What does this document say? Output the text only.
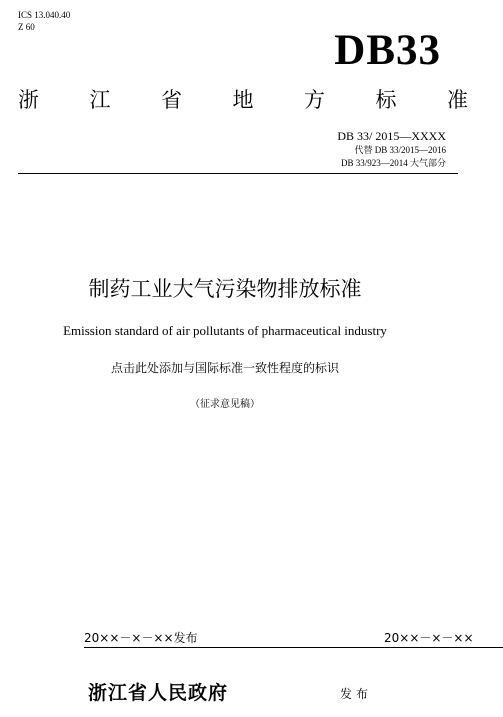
ICS 13.040.40
Z 60	DB33
浙 江 省 地 方 标 准
DB 33/ 2015—XXXX
代替 DB 33/2015—2016
DB 33/923—2014 大气部分
制药工业大气污染物排放标准
Emission standard of air pollutants of pharmaceutical industry
点击此处添加与国际标准一致性程度的标识
（征求意见稿）
20××－×－××发布	20××－×－××
浙江省人民政府	发 布
